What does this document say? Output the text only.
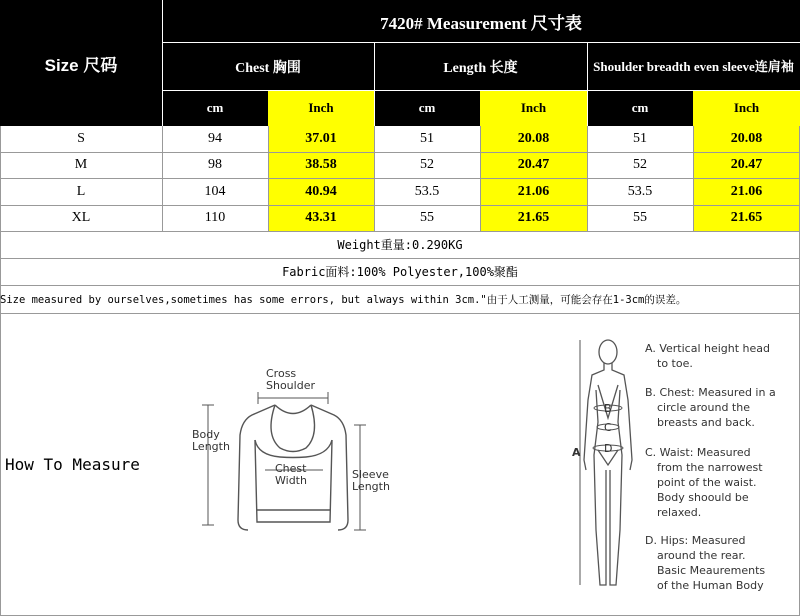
Size 尺码
7420# Measurement 尺寸表
Chest 胸围	Length 长度	Shoulder breadth even sleeve连肩袖
cm	Inch	cm	Inch	cm	Inch
S	94	37.01	51	20.08	51	20.08
M	98	38.58	52	20.47	52	20.47
L	104	40.94	53.5	21.06	53.5	21.06
XL	110	43.31	55	21.65	55	21.65
Weight重量:0.290KG
Fabric面料:100% Polyester,100%聚酯
Size measured by ourselves,sometimes has some errors, but always within 3cm."由于人工测量，可能会存在1-3cm的误差。
How To Measure
Cross
Shoulder
Body
Length
Chest
Width	Sleeve
Length
A
B
C
D
A. Vertical height head
to toe.
B. Chest: Measured in a
circle around the
breasts and back.
C. Waist: Measured
from the narrowest
point of the waist.
Body shoould be
relaxed.
D. Hips: Measured
around the rear.
Basic Meaurements
of the Human Body
